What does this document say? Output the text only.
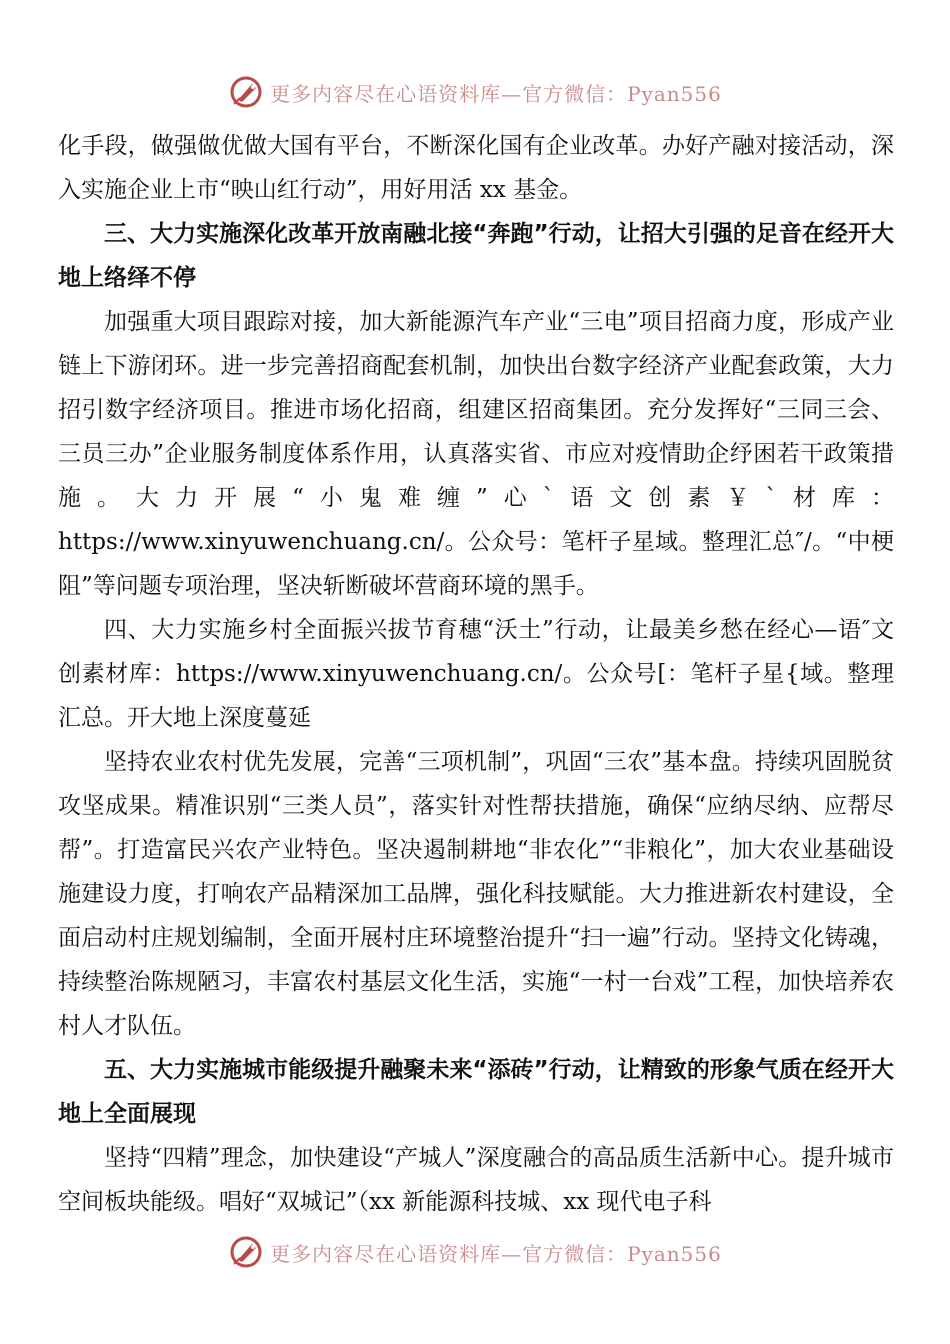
更多内容尽在心语资料库—官方微信：Pyan556

化手段，做强做优做大国有平台，不断深化国有企业改革。办好产融对接活动，深入实施企业上市“映山红行动”，用好用活 xx 基金。

三、大力实施深化改革开放南融北接“奔跑”行动，让招大引强的足音在经开大地上络绎不停

加强重大项目跟踪对接，加大新能源汽车产业“三电”项目招商力度，形成产业链上下游闭环。进一步完善招商配套机制，加快出台数字经济产业配套政策，大力招引数字经济项目。推进市场化招商，组建区招商集团。充分发挥好“三同三会、三员三办”企业服务制度体系作用，认真落实省、市应对疫情助企纾困若干政策措施。大力开展“小鬼难缠”心`语文创素￥`材库：https://www.xinyuwenchuang.cn/。公众号：笔杆子星域。整理汇总″/。“中梗阻”等问题专项治理，坚决斩断破坏营商环境的黑手。

四、大力实施乡村全面振兴拔节育穗“沃土”行动，让最美乡愁在经心—语″文创素材库：https://www.xinyuwenchuang.cn/。公众号[：笔杆子星{域。整理汇总。开大地上深度蔓延

坚持农业农村优先发展，完善“三项机制”，巩固“三农”基本盘。持续巩固脱贫攻坚成果。精准识别“三类人员”，落实针对性帮扶措施，确保“应纳尽纳、应帮尽帮”。打造富民兴农产业特色。坚决遏制耕地“非农化”“非粮化”，加大农业基础设施建设力度，打响农产品精深加工品牌，强化科技赋能。大力推进新农村建设，全面启动村庄规划编制，全面开展村庄环境整治提升“扫一遍”行动。坚持文化铸魂，持续整治陈规陋习，丰富农村基层文化生活，实施“一村一台戏”工程，加快培养农村人才队伍。

五、大力实施城市能级提升融聚未来“添砖”行动，让精致的形象气质在经开大地上全面展现

坚持“四精”理念，加快建设“产城人”深度融合的高品质生活新中心。提升城市空间板块能级。唱好“双城记”（xx 新能源科技城、xx 现代电子科

更多内容尽在心语资料库—官方微信：Pyan556
